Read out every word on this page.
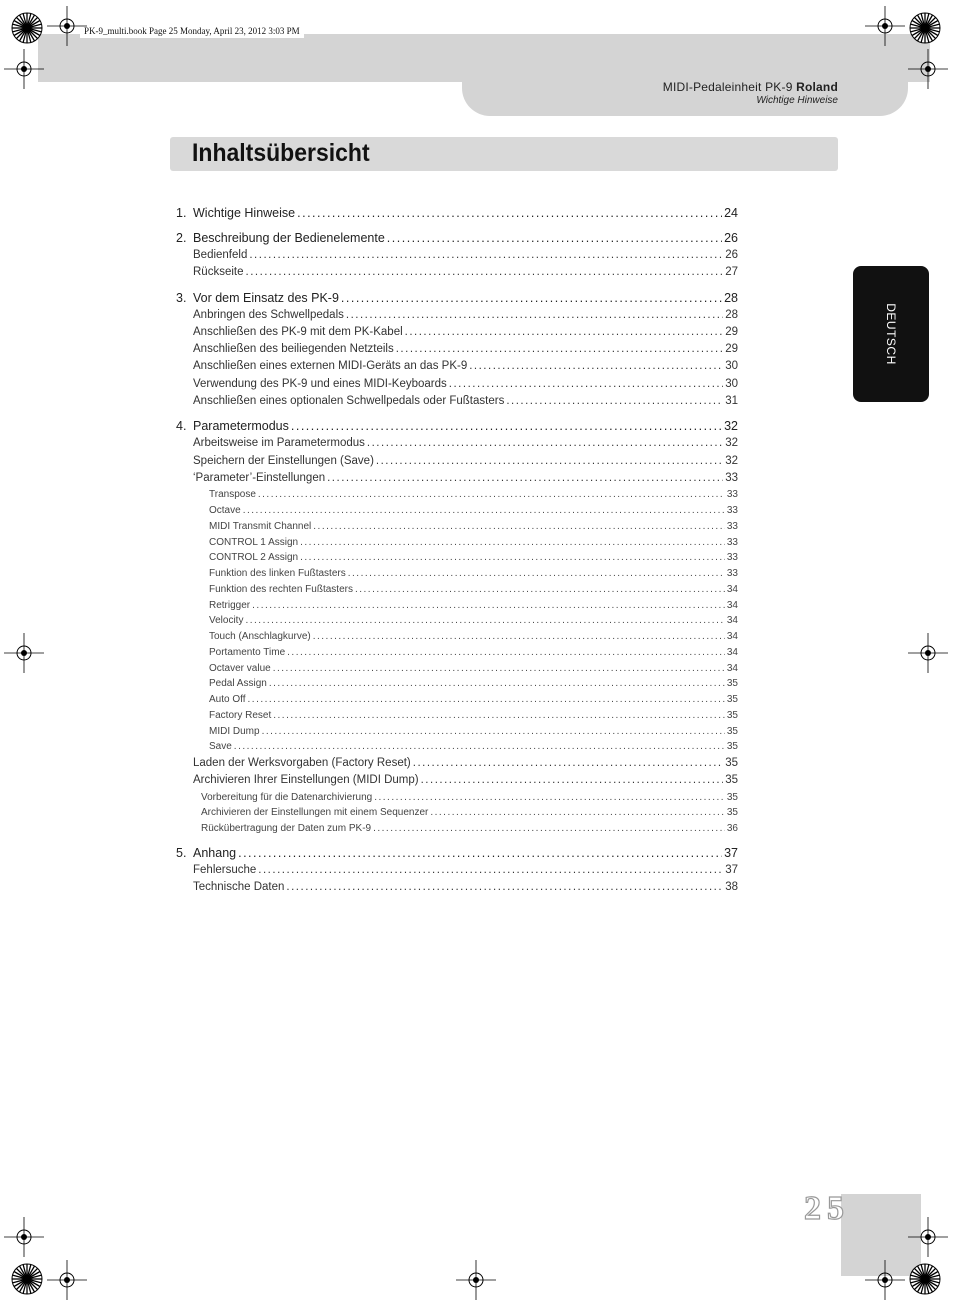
PK-9_multi.book Page 25 Monday, April 23, 2012 3:03 PM
MIDI-Pedaleinheit PK-9 Roland
Wichtige Hinweise
Inhaltsübersicht
DEUTSCH
1. Wichtige Hinweise .....	24
2. Beschreibung der Bedienelemente .....	26
Bedienfeld .....	26
Rückseite .....	27
3. Vor dem Einsatz des PK-9 .....	28
Anbringen des Schwellpedals .....	28
Anschließen des PK-9 mit dem PK-Kabel .....	29
Anschließen des beiliegenden Netzteils .....	29
Anschließen eines externen MIDI-Geräts an das PK-9 .....	30
Verwendung des PK-9 und eines MIDI-Keyboards .....	30
Anschließen eines optionalen Schwellpedals oder Fußtasters .....	31
4. Parametermodus .....	32
Arbeitsweise im Parametermodus .....	32
Speichern der Einstellungen (Save) .....	32
‘Parameter’-Einstellungen .....	33
Transpose .....	33
Octave .....	33
MIDI Transmit Channel .....	33
CONTROL 1 Assign .....	33
CONTROL 2 Assign .....	33
Funktion des linken Fußtasters .....	33
Funktion des rechten Fußtasters .....	34
Retrigger .....	34
Velocity .....	34
Touch (Anschlagkurve) .....	34
Portamento Time .....	34
Octaver value .....	34
Pedal Assign .....	35
Auto Off .....	35
Factory Reset .....	35
MIDI Dump .....	35
Save .....	35
Laden der Werksvorgaben (Factory Reset) .....	35
Archivieren Ihrer Einstellungen (MIDI Dump) .....	35
Vorbereitung für die Datenarchivierung .....	35
Archivieren der Einstellungen mit einem Sequenzer .....	35
Rückübertragung der Daten zum PK-9 .....	36
5. Anhang .....	37
Fehlersuche .....	37
Technische Daten .....	38
25
